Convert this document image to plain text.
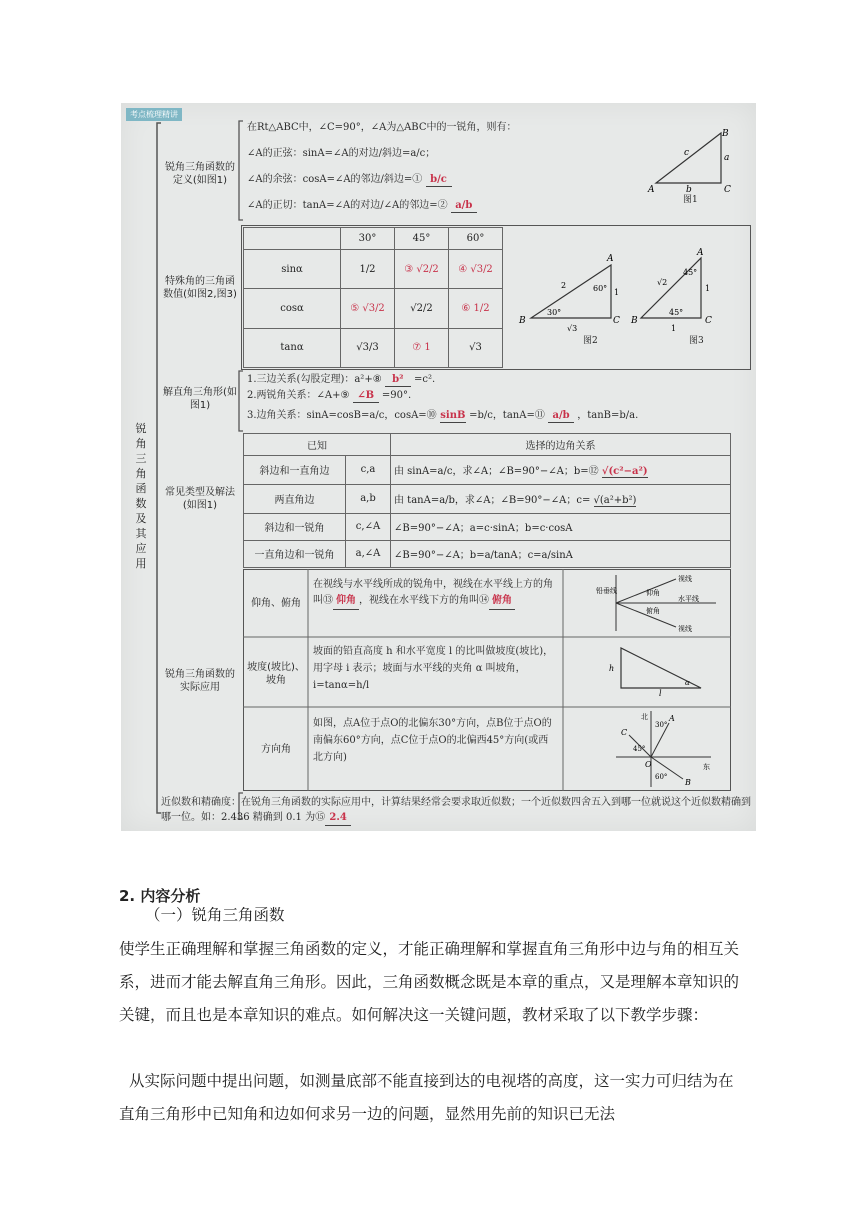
考点梳理精讲
锐角三角函数及其应用
锐角三角函数的定义(如图1)
在Rt△ABC中，∠C=90°，∠A为△ABC中的一锐角，则有：
∠A的正弦：sinA=∠A的对边/斜边=a/c；
∠A的余弦：cosA=∠A的邻边/斜边=① b/c
∠A的正切：tanA=∠A的对边/∠A的邻边=② a/b
A	C
B
a
b
c
图1
特殊角的三角函数值(如图2,图3)
	30°	45°	60°
sinα	1/2	③ √2/2	④ √3/2
cosα	⑤ √3/2	√2/2	⑥ 1/2
tanα	√3/3	⑦ 1	√3
B	C
A
2
1
60°
30°
√3
B	C
A
√2
1
45°
45°
1
图2	图3
解直角三角形(如图1)
1.三边关系(勾股定理)：a²+⑧ b² =c².
2.两锐角关系：∠A+⑨ ∠B =90°.
3.边角关系：sinA=cosB=a/c，cosA=⑩ sinB =b/c，tanA=⑪ a/b ，tanB=b/a.
常见类型及解法(如图1)
已知		选择的边角关系
斜边和一直角边	c,a	由 sinA=a/c，求∠A；∠B=90°−∠A；b=⑫ √(c²−a²)
两直角边	a,b	由 tanA=a/b，求∠A；∠B=90°−∠A；c= √(a²+b²)
斜边和一锐角	c,∠A	∠B=90°−∠A；a=c·sinA；b=c·cosA
一直角边和一锐角	a,∠A	∠B=90°−∠A；b=a/tanA；c=a/sinA
锐角三角函数的实际应用
仰角、俯角
在视线与水平线所成的锐角中，视线在水平线上方的角叫⑬ 仰角 ，视线在水平线下方的角叫⑭ 俯角
铅垂线
视线
仰角
俯角
水平线
视线
坡度(坡比)、坡角
坡面的铅直高度 h 和水平宽度 l 的比叫做坡度(坡比)，用字母 i 表示；坡面与水平线的夹角 α 叫坡角，i=tanα=h/l
h
l
α
方向角
如图，点A位于点O的北偏东30°方向，点B位于点O的南偏东60°方向，点C位于点O的北偏西45°方向(或西北方向)
北
东
30°
45°
60°
A
C
B
O
近似数和精确度：在锐角三角函数的实际应用中，计算结果经常会要求取近似数；一个近似数四舍五入到哪一位就说这个近似数精确到哪一位。如：2.436 精确到 0.1 为⑮ 2.4
2. 内容分析
（一）锐角三角函数
使学生正确理解和掌握三角函数的定义，才能正确理解和掌握直角三角形中边与角的相互关系，进而才能去解直角三角形。因此，三角函数概念既是本章的重点，又是理解本章知识的关键，而且也是本章知识的难点。如何解决这一关键问题，教材采取了以下教学步骤：
从实际问题中提出问题，如测量底部不能直接到达的电视塔的高度，这一实力可归结为在直角三角形中已知角和边如何求另一边的问题，显然用先前的知识已无法
